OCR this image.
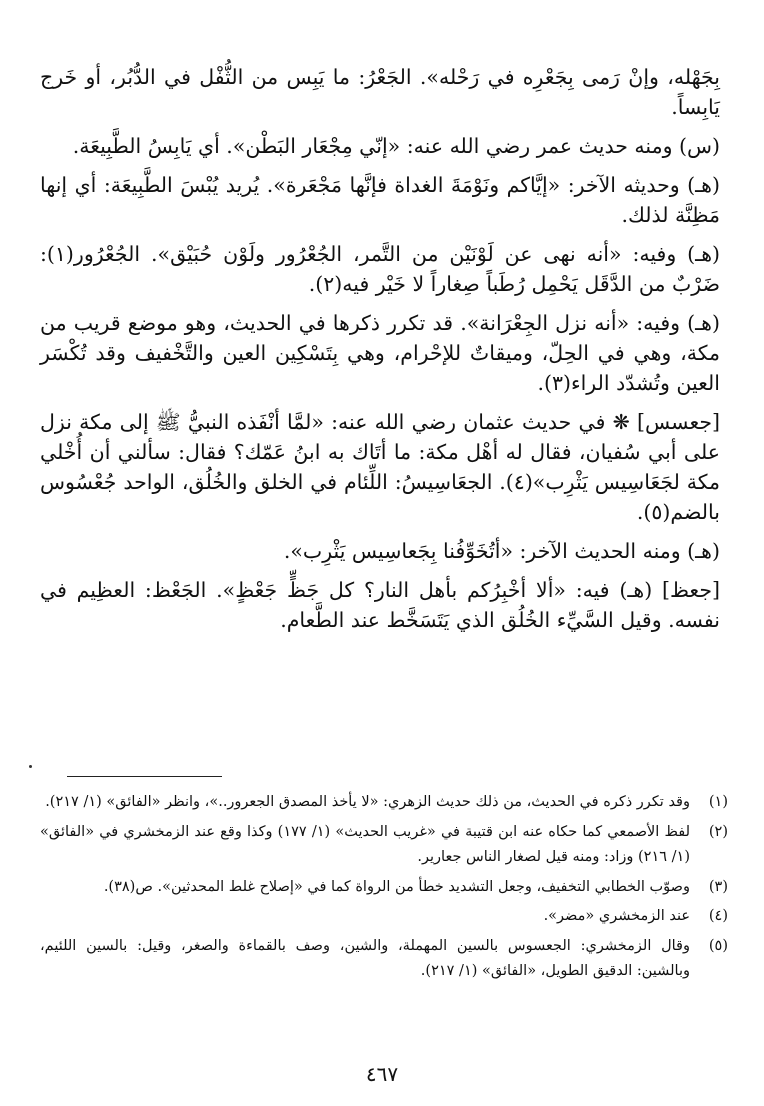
بِجَهْله، وإنْ رَمى بِجَعْرِه في رَحْله». الجَعْرُ: ما يَبِس من الثُّفْل في الدُّبُر، أو خَرج يَابِساً.

(س) ومنه حديث عمر رضي الله عنه: «إنّي مِجْعَار البَطْن». أي يَابِسُ الطَّبِيعَة.

(هـ) وحديثه الآخر: «إيَّاكم ونَوْمَةَ الغداة فإنَّها مَجْعَرة». يُريد يُبْسَ الطَّبِيعَة: أي إنها مَظِنَّة لذلك.

(هـ) وفيه: «أنه نهى عن لَوْنَيْن من التَّمر، الجُعْرُور ولَوْن حُبَيْق». الجُعْرُور(١): ضَرْبٌ من الدَّقَل يَحْمِل رُطَباً صِغاراً لا خَيْر فيه(٢).

(هـ) وفيه: «أنه نزل الجِعْرَانة». قد تكرر ذكرها في الحديث، وهو موضع قريب من مكة، وهي في الحِلّ، وميقاتٌ للإحْرام، وهي بِتَسْكِين العين والتَّخْفيف وقد تُكْسَر العين وتُشدّد الراء(٣).

[جعسس] ❋ في حديث عثمان رضي الله عنه: «لمَّا أنْفَذه النبيُّ ﷺ إلى مكة نزل على أبي سُفيان، فقال له أهْل مكة: ما أتَاك به ابنُ عَمّك؟ فقال: سألني أن أُخْلي مكة لجَعَاسِيس يَثْرِب»(٤). الجعَاسِيسُ: اللِّئام في الخلق والخُلُق، الواحد جُعْسُوس بالضم(٥).

(هـ) ومنه الحديث الآخر: «أتُخَوِّفُنا بِجَعاسِيس يَثْرِب».

[جعظ] (هـ) فيه: «ألا أخْبِرُكم بأهل النار؟ كل جَظٍّ جَعْظٍ». الجَعْظ: العظِيم في نفسه. وقيل السَّيِّء الخُلُق الذي يَتَسَخَّط عند الطَّعام.

(١)
وقد تكرر ذكره في الحديث، من ذلك حديث الزهري: «لا يأخذ المصدق الجعرور..»، وانظر «الفائق» (١/ ٢١٧).
(٢)
لفظ الأصمعي كما حكاه عنه ابن قتيبة في «غريب الحديث» (١/ ١٧٧) وكذا وقع عند الزمخشري في «الفائق» (١/ ٢١٦) وزاد: ومنه قيل لصغار الناس جعارير.
(٣)
وصوّب الخطابي التخفيف، وجعل التشديد خطأ من الرواة كما في «إصلاح غلط المحدثين». ص(٣٨).
(٤)
عند الزمخشري «مضر».
(٥)
وقال الزمخشري: الجعسوس بالسين المهملة، والشين، وصف بالقماءة والصغر، وقيل: بالسين اللئيم، وبالشين: الدقيق الطويل، «الفائق» (١/ ٢١٧).
٤٦٧
